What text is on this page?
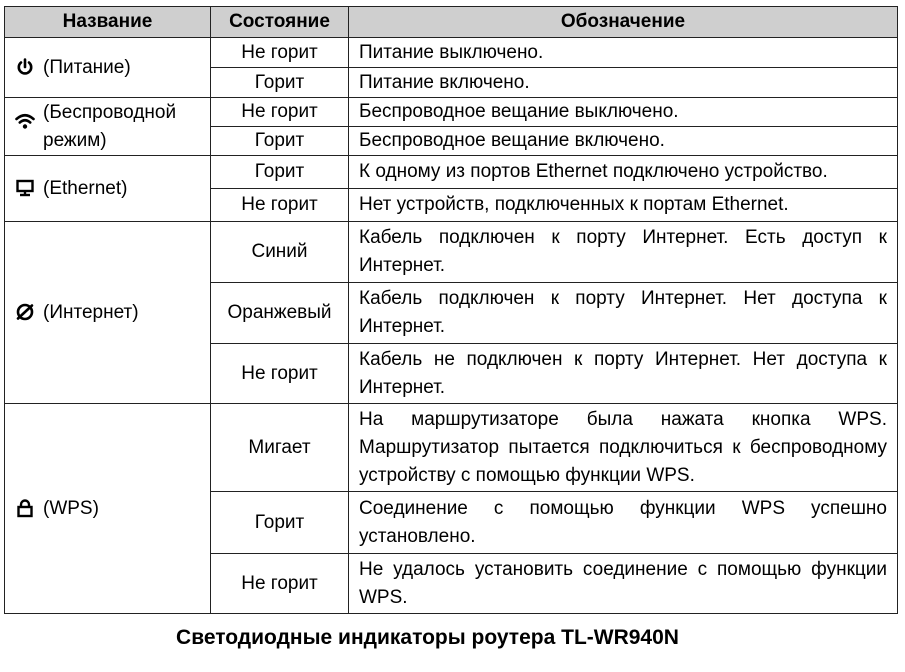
Название	Состояние	Обозначение
(Питание)	Не горит	Питание выключено.
	Горит	Питание включено.

(Беспроводной режим)	Не горит	Беспроводное вещание выключено.
	Горит	Беспроводное вещание включено.
(Ethernet)	Горит	К одному из портов Ethernet подключено устройство.
	Не горит	Нет устройств, подключенных к портам Ethernet.
(Интернет)	Синий	Кабель подключен к порту Интернет. Есть доступ к Интернет.
	Оранжевый	Кабель подключен к порту Интернет. Нет доступа к Интернет.
	Не горит	Кабель не подключен к порту Интернет. Нет доступа к Интернет.
(WPS)	Мигает	На маршрутизаторе была нажата кнопка WPS. Маршрутизатор пытается подключиться к беспроводному устройству с помощью функции WPS.
	Горит	Соединение с помощью функции WPS успешно установлено.
	Не горит	Не удалось установить соединение с помощью функции WPS.
Светодиодные индикаторы роутера TL-WR940N
